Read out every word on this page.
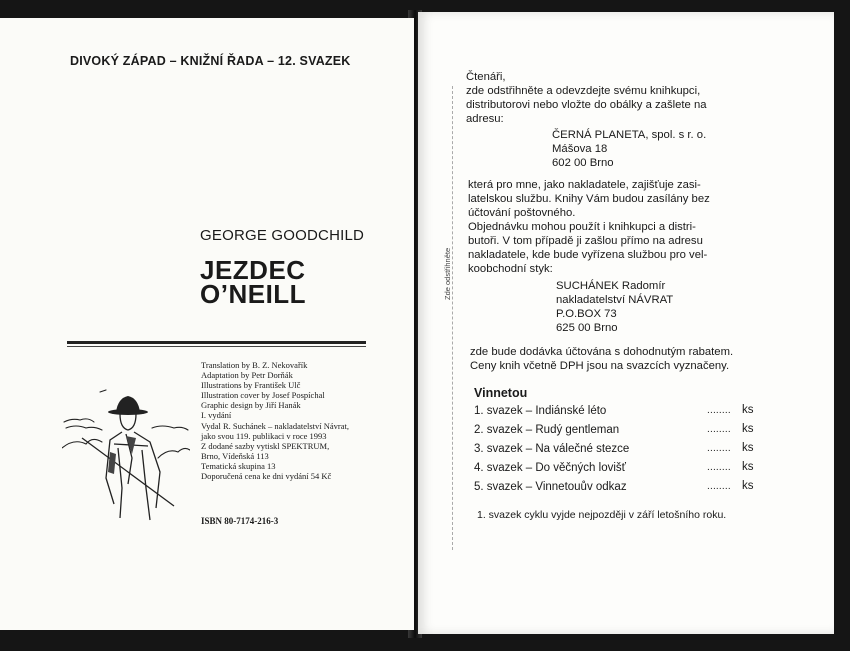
DIVOKÝ ZÁPAD – KNIŽNÍ ŘADA – 12. SVAZEK
GEORGE GOODCHILD
JEZDEC
O’NEILL
Translation by B. Z. Nekovařík
Adaptation by Petr Dorňák
Illustrations by František Ulč
Illustration cover by Josef Pospíchal
Graphic design by Jiří Hanák
I. vydání
Vydal R. Suchánek – nakladatelství Návrat,
jako svou 119. publikaci v roce 1993
Z dodané sazby vytiskl SPEKTRUM,
Brno, Vídeňská 113
Tematická skupina 13
Doporučená cena ke dni vydání 54 Kč
ISBN 80-7174-216-3
Zde odstřihněte
Čtenáři,
zde odstřihněte a odevzdejte svému knihkupci,
distributorovi nebo vložte do obálky a zašlete na
adresu:
ČERNÁ PLANETA, spol. s r. o.
Mášova 18
602 00 Brno
která pro mne, jako nakladatele, zajišťuje zasi-
latelskou službu. Knihy Vám budou zasílány bez
účtování poštovného.
Objednávku mohou použít i knihkupci a distri-
butoři. V tom případě ji zašlou přímo na adresu
nakladatele, kde bude vyřízena službou pro vel-
koobchodní styk:
SUCHÁNEK Radomír
nakladatelství NÁVRAT
P.O.BOX 73
625 00 Brno
zde bude dodávka účtována s dohodnutým rabatem.
Ceny knih včetně DPH jsou na svazcích vyznačeny.
Vinnetou
1. svazek – Indiánské léto	........ ks
2. svazek – Rudý gentleman	........ ks
3. svazek – Na válečné stezce	........ ks
4. svazek – Do věčných lovišť	........ ks
5. svazek – Vinnetouův odkaz	........ ks
1. svazek cyklu vyjde nejpozději v září letošního roku.
